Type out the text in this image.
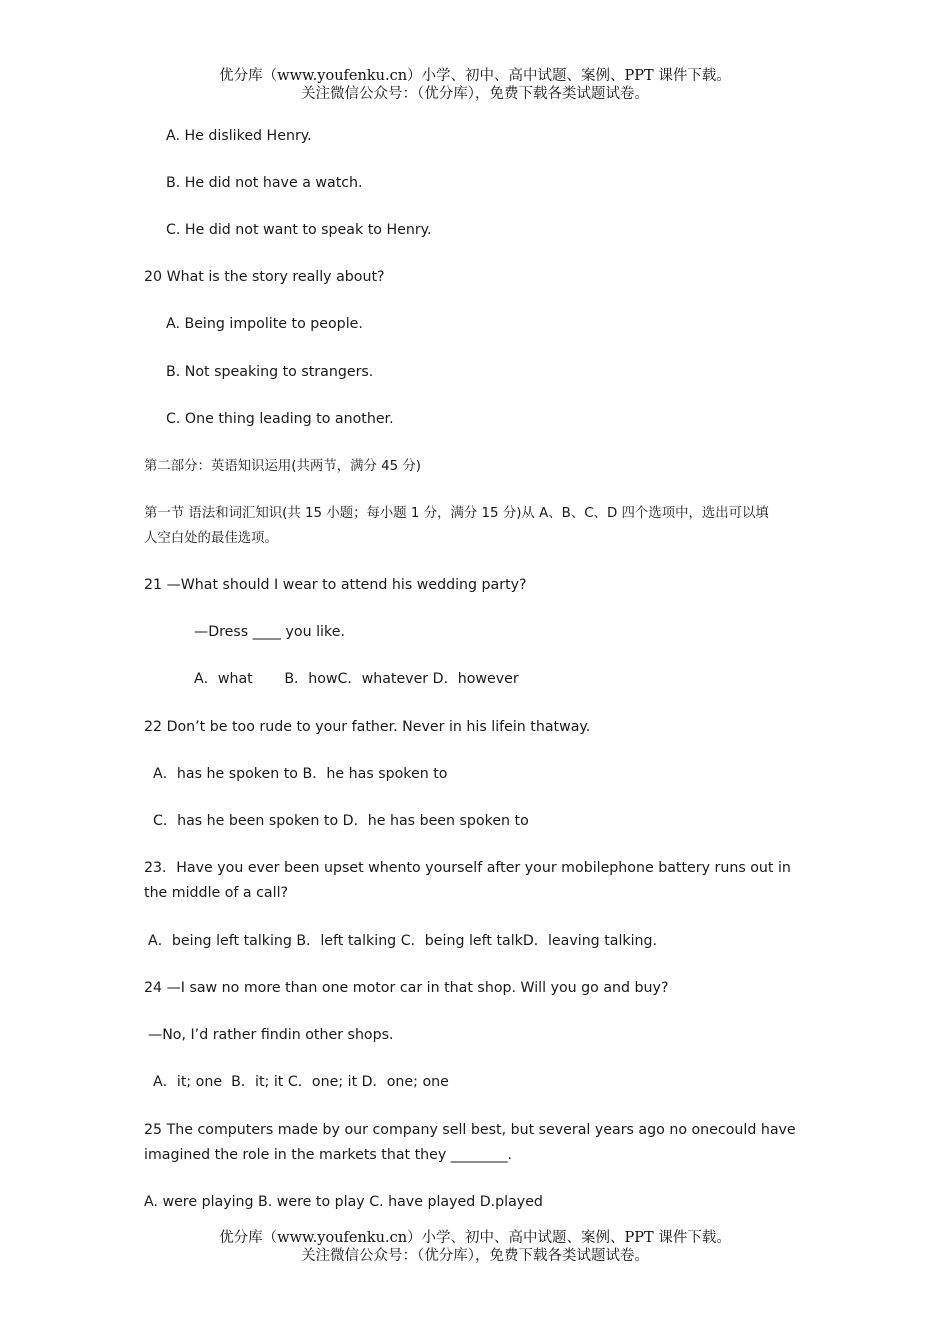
优分库（www.youfenku.cn）小学、初中、高中试题、案例、PPT 课件下载。
关注微信公众号：（优分库），免费下载各类试题试卷。
A. He disliked Henry.
B. He did not have a watch.
C. He did not want to speak to Henry.
20 What is the story really about?
A. Being impolite to people.
B. Not speaking to strangers.
C. One thing leading to another.
第二部分：英语知识运用(共两节，满分 45 分)
第一节 语法和词汇知识(共 15 小题；每小题 1 分，满分 15 分)从 A、B、C、D 四个选项中，选出可以填
人空白处的最佳选项。
21 —What should I wear to attend his wedding party?
—Dress ____ you like.
A．what       B．howC．whatever D．however
22 Don’t be too rude to your father. Never in his lifein thatway.
A．has he spoken to B．he has spoken to
C．has he been spoken to D．he has been spoken to
23．Have you ever been upset whento yourself after your mobilephone battery runs out in
the middle of a call?
A．being left talking B．left talking C．being left talkD．leaving talking.
24 —I saw no more than one motor car in that shop. Will you go and buy?
—No, I’d rather findin other shops.
A．it; one  B．it; it C．one; it D．one; one
25 The computers made by our company sell best, but several years ago no onecould have
imagined the role in the markets that they ________.
A. were playing B. were to play C. have played D.played
优分库（www.youfenku.cn）小学、初中、高中试题、案例、PPT 课件下载。
关注微信公众号：（优分库），免费下载各类试题试卷。
